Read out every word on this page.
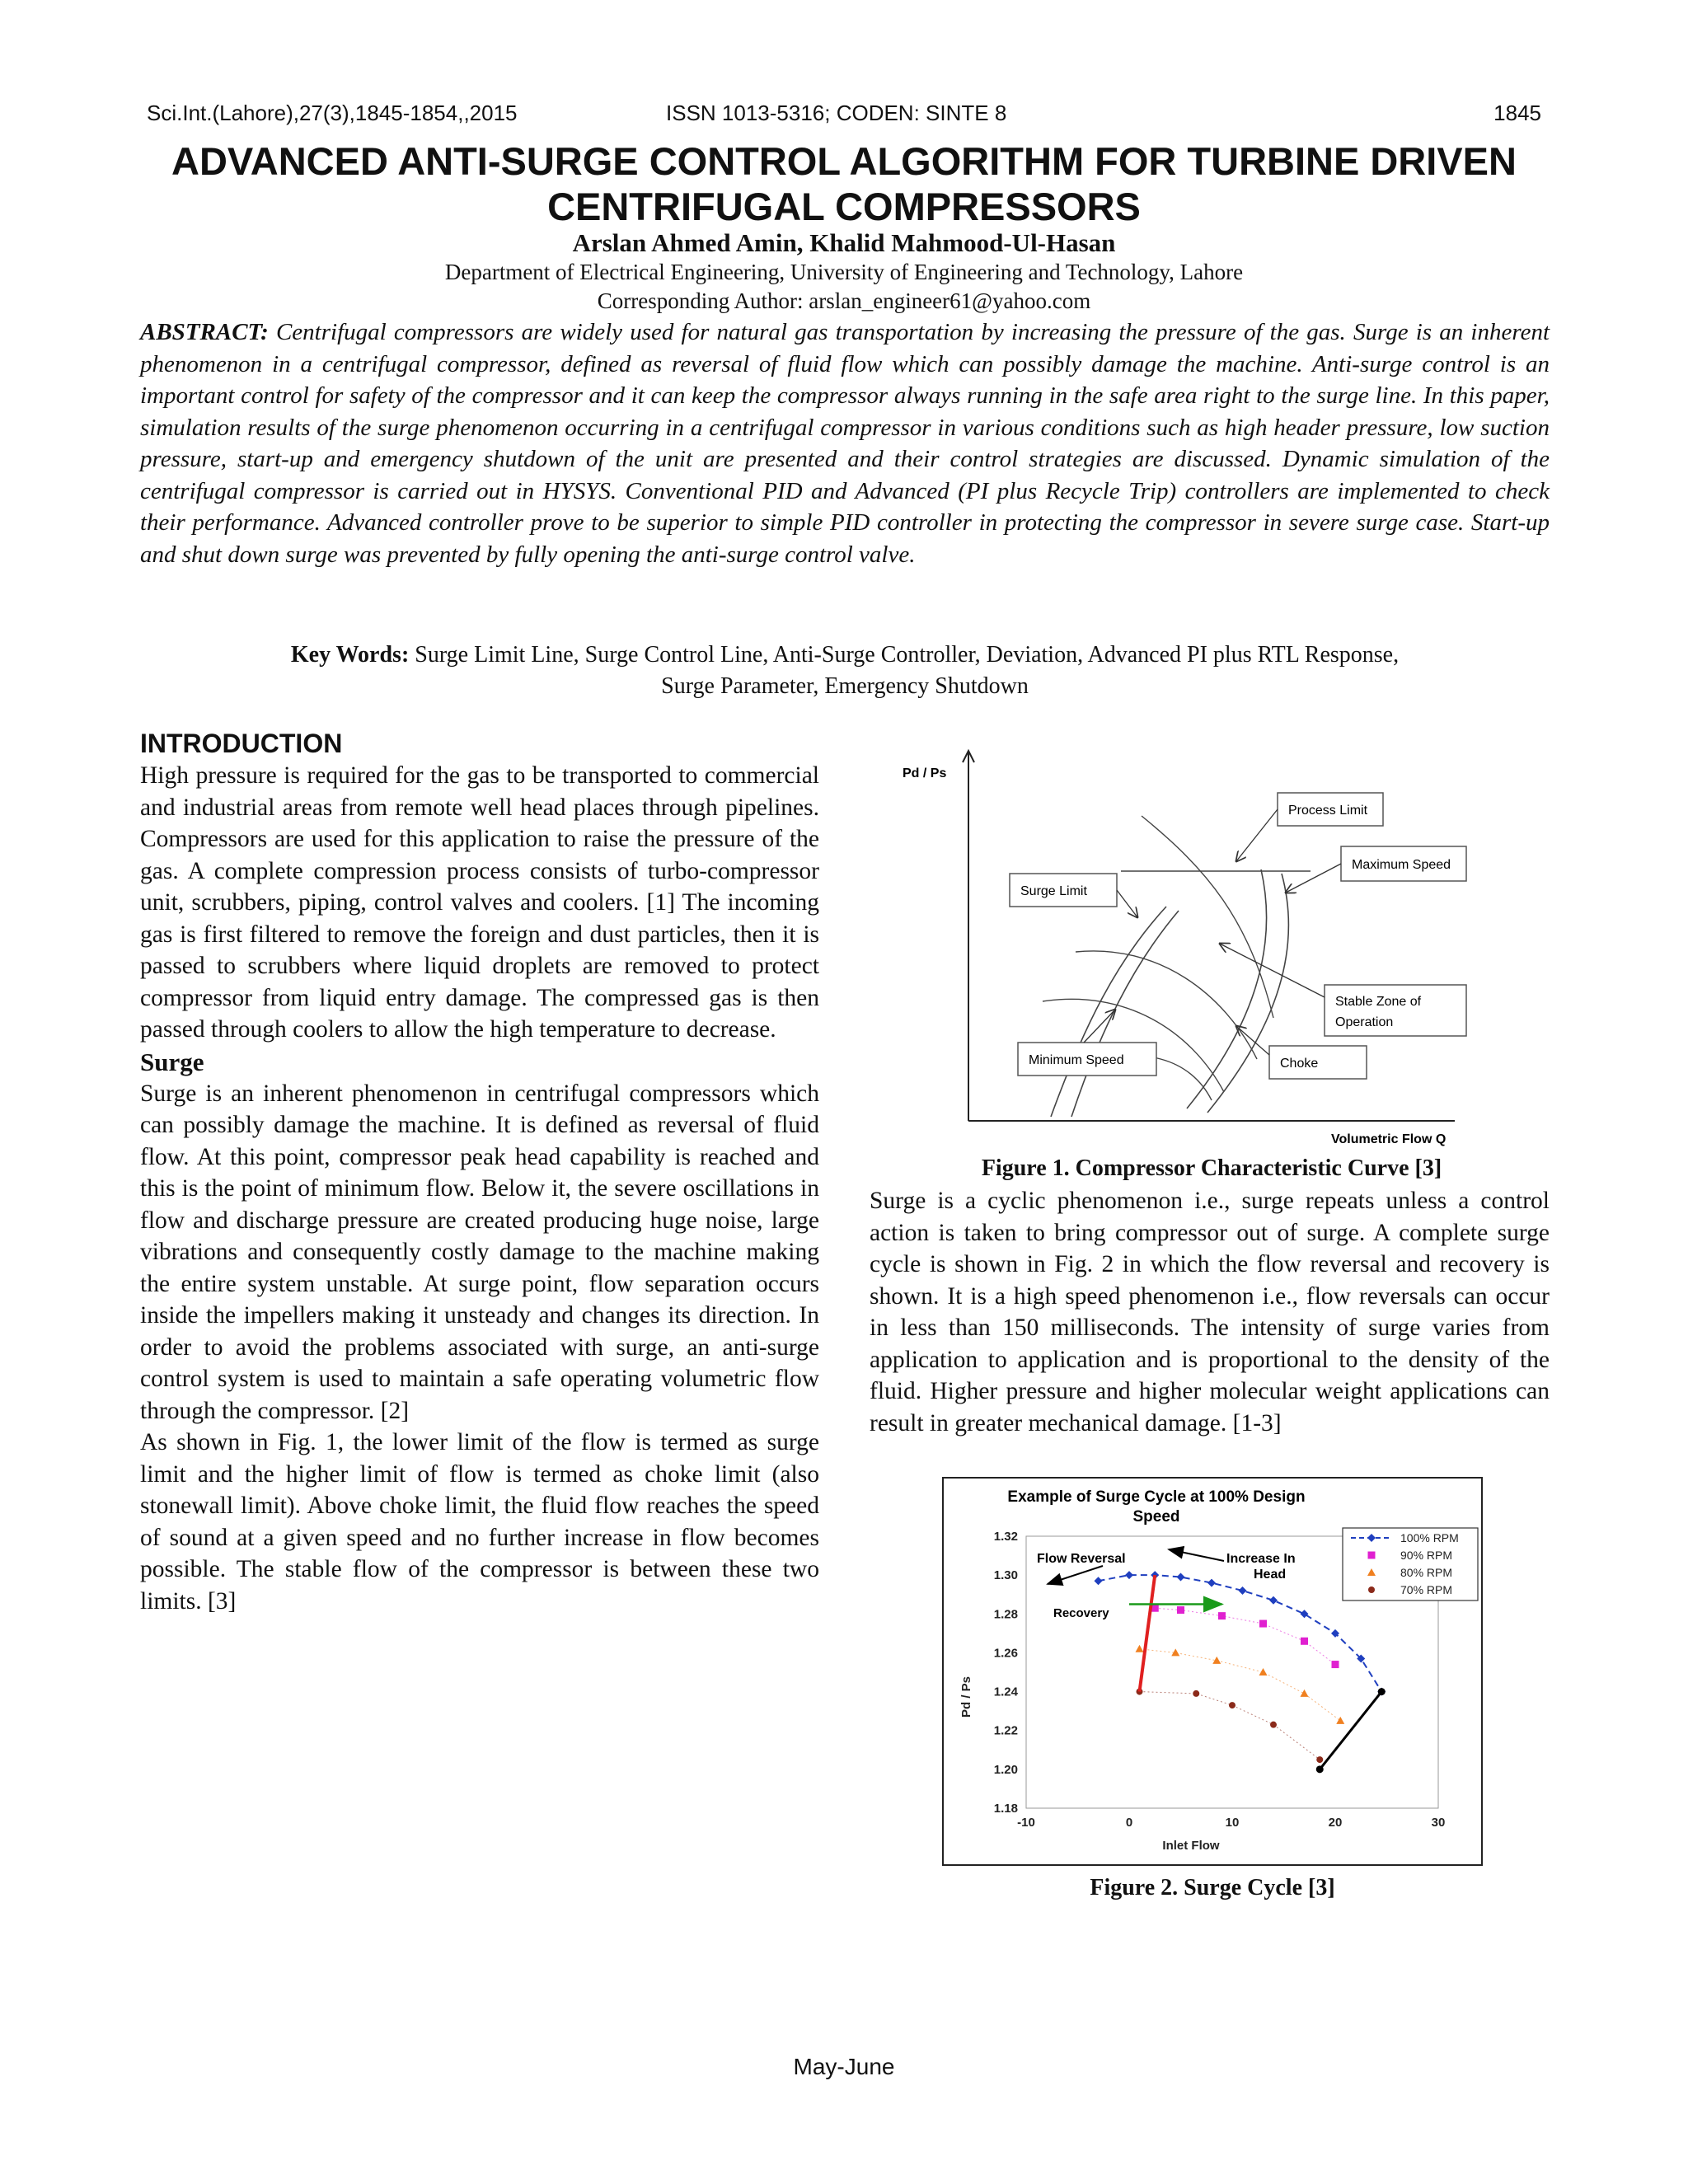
Sci.Int.(Lahore),27(3),1845-1854,,2015	ISSN 1013-5316; CODEN: SINTE 8	1845
ADVANCED ANTI-SURGE CONTROL ALGORITHM FOR TURBINE DRIVEN
CENTRIFUGAL COMPRESSORS
Arslan Ahmed Amin, Khalid Mahmood-Ul-Hasan
Department of Electrical Engineering, University of Engineering and Technology, Lahore
Corresponding Author: arslan_engineer61@yahoo.com
ABSTRACT: Centrifugal compressors are widely used for natural gas transportation by increasing the pressure of the gas. Surge is an inherent phenomenon in a centrifugal compressor, defined as reversal of fluid flow which can possibly damage the machine. Anti-surge control is an important control for safety of the compressor and it can keep the compressor always running in the safe area right to the surge line. In this paper, simulation results of the surge phenomenon occurring in a centrifugal compressor in various conditions such as high header pressure, low suction pressure, start-up and emergency shutdown of the unit are presented and their control strategies are discussed. Dynamic simulation of the centrifugal compressor is carried out in HYSYS. Conventional PID and Advanced (PI plus Recycle Trip) controllers are implemented to check their performance. Advanced controller prove to be superior to simple PID controller in protecting the compressor in severe surge case. Start-up and shut down surge was prevented by fully opening the anti-surge control valve.
Key Words: Surge Limit Line, Surge Control Line, Anti-Surge Controller, Deviation, Advanced PI plus RTL Response,
Surge Parameter, Emergency Shutdown
INTRODUCTION

High pressure is required for the gas to be transported to commercial and industrial areas from remote well head places through pipelines. Compressors are used for this application to raise the pressure of the gas. A complete compression process consists of turbo-compressor unit, scrubbers, piping, control valves and coolers. [1] The incoming gas is first filtered to remove the foreign and dust particles, then it is passed to scrubbers where liquid droplets are removed to protect compressor from liquid entry damage. The compressed gas is then passed through coolers to allow the high temperature to decrease.

Surge

Surge is an inherent phenomenon in centrifugal compressors which can possibly damage the machine. It is defined as reversal of fluid flow. At this point, compressor peak head capability is reached and this is the point of minimum flow. Below it, the severe oscillations in flow and discharge pressure are created producing huge noise, large vibrations and consequently costly damage to the machine making the entire system unstable. At surge point, flow separation occurs inside the impellers making it unsteady and changes its direction. In order to avoid the problems associated with surge, an anti-surge control system is used to maintain a safe operating volumetric flow through the compressor. [2]

As shown in Fig. 1, the lower limit of the flow is termed as surge limit and the higher limit of flow is termed as choke limit (also stonewall limit). Above choke limit, the fluid flow reaches the speed of sound at a given speed and no further increase in flow becomes possible. The stable flow of the compressor is between these two limits. [3]

Pd / Ps
Volumetric Flow Q
Process Limit
Maximum Speed
Surge Limit
Stable Zone of
Operation
Minimum Speed	Choke
Figure 1. Compressor Characteristic Curve [3]

Surge is a cyclic phenomenon i.e., surge repeats unless a control action is taken to bring compressor out of surge. A complete surge cycle is shown in Fig. 2 in which the flow reversal and recovery is shown. It is a high speed phenomenon i.e., flow reversals can occur in less than 150 milliseconds. The intensity of surge varies from application to application and is proportional to the density of the fluid. Higher pressure and higher molecular weight applications can result in greater mechanical damage. [1-3]

Example of Surge Cycle at 100% Design
Speed
1.18
1.20
1.22
1.24
1.26
1.28
1.30
1.32
-10	0	10	20	30
Inlet Flow
Pd / Ps
Flow Reversal	Increase In
Head
Recovery
100% RPM
90% RPM
80% RPM
70% RPM
Figure 2. Surge Cycle [3]
May-June
